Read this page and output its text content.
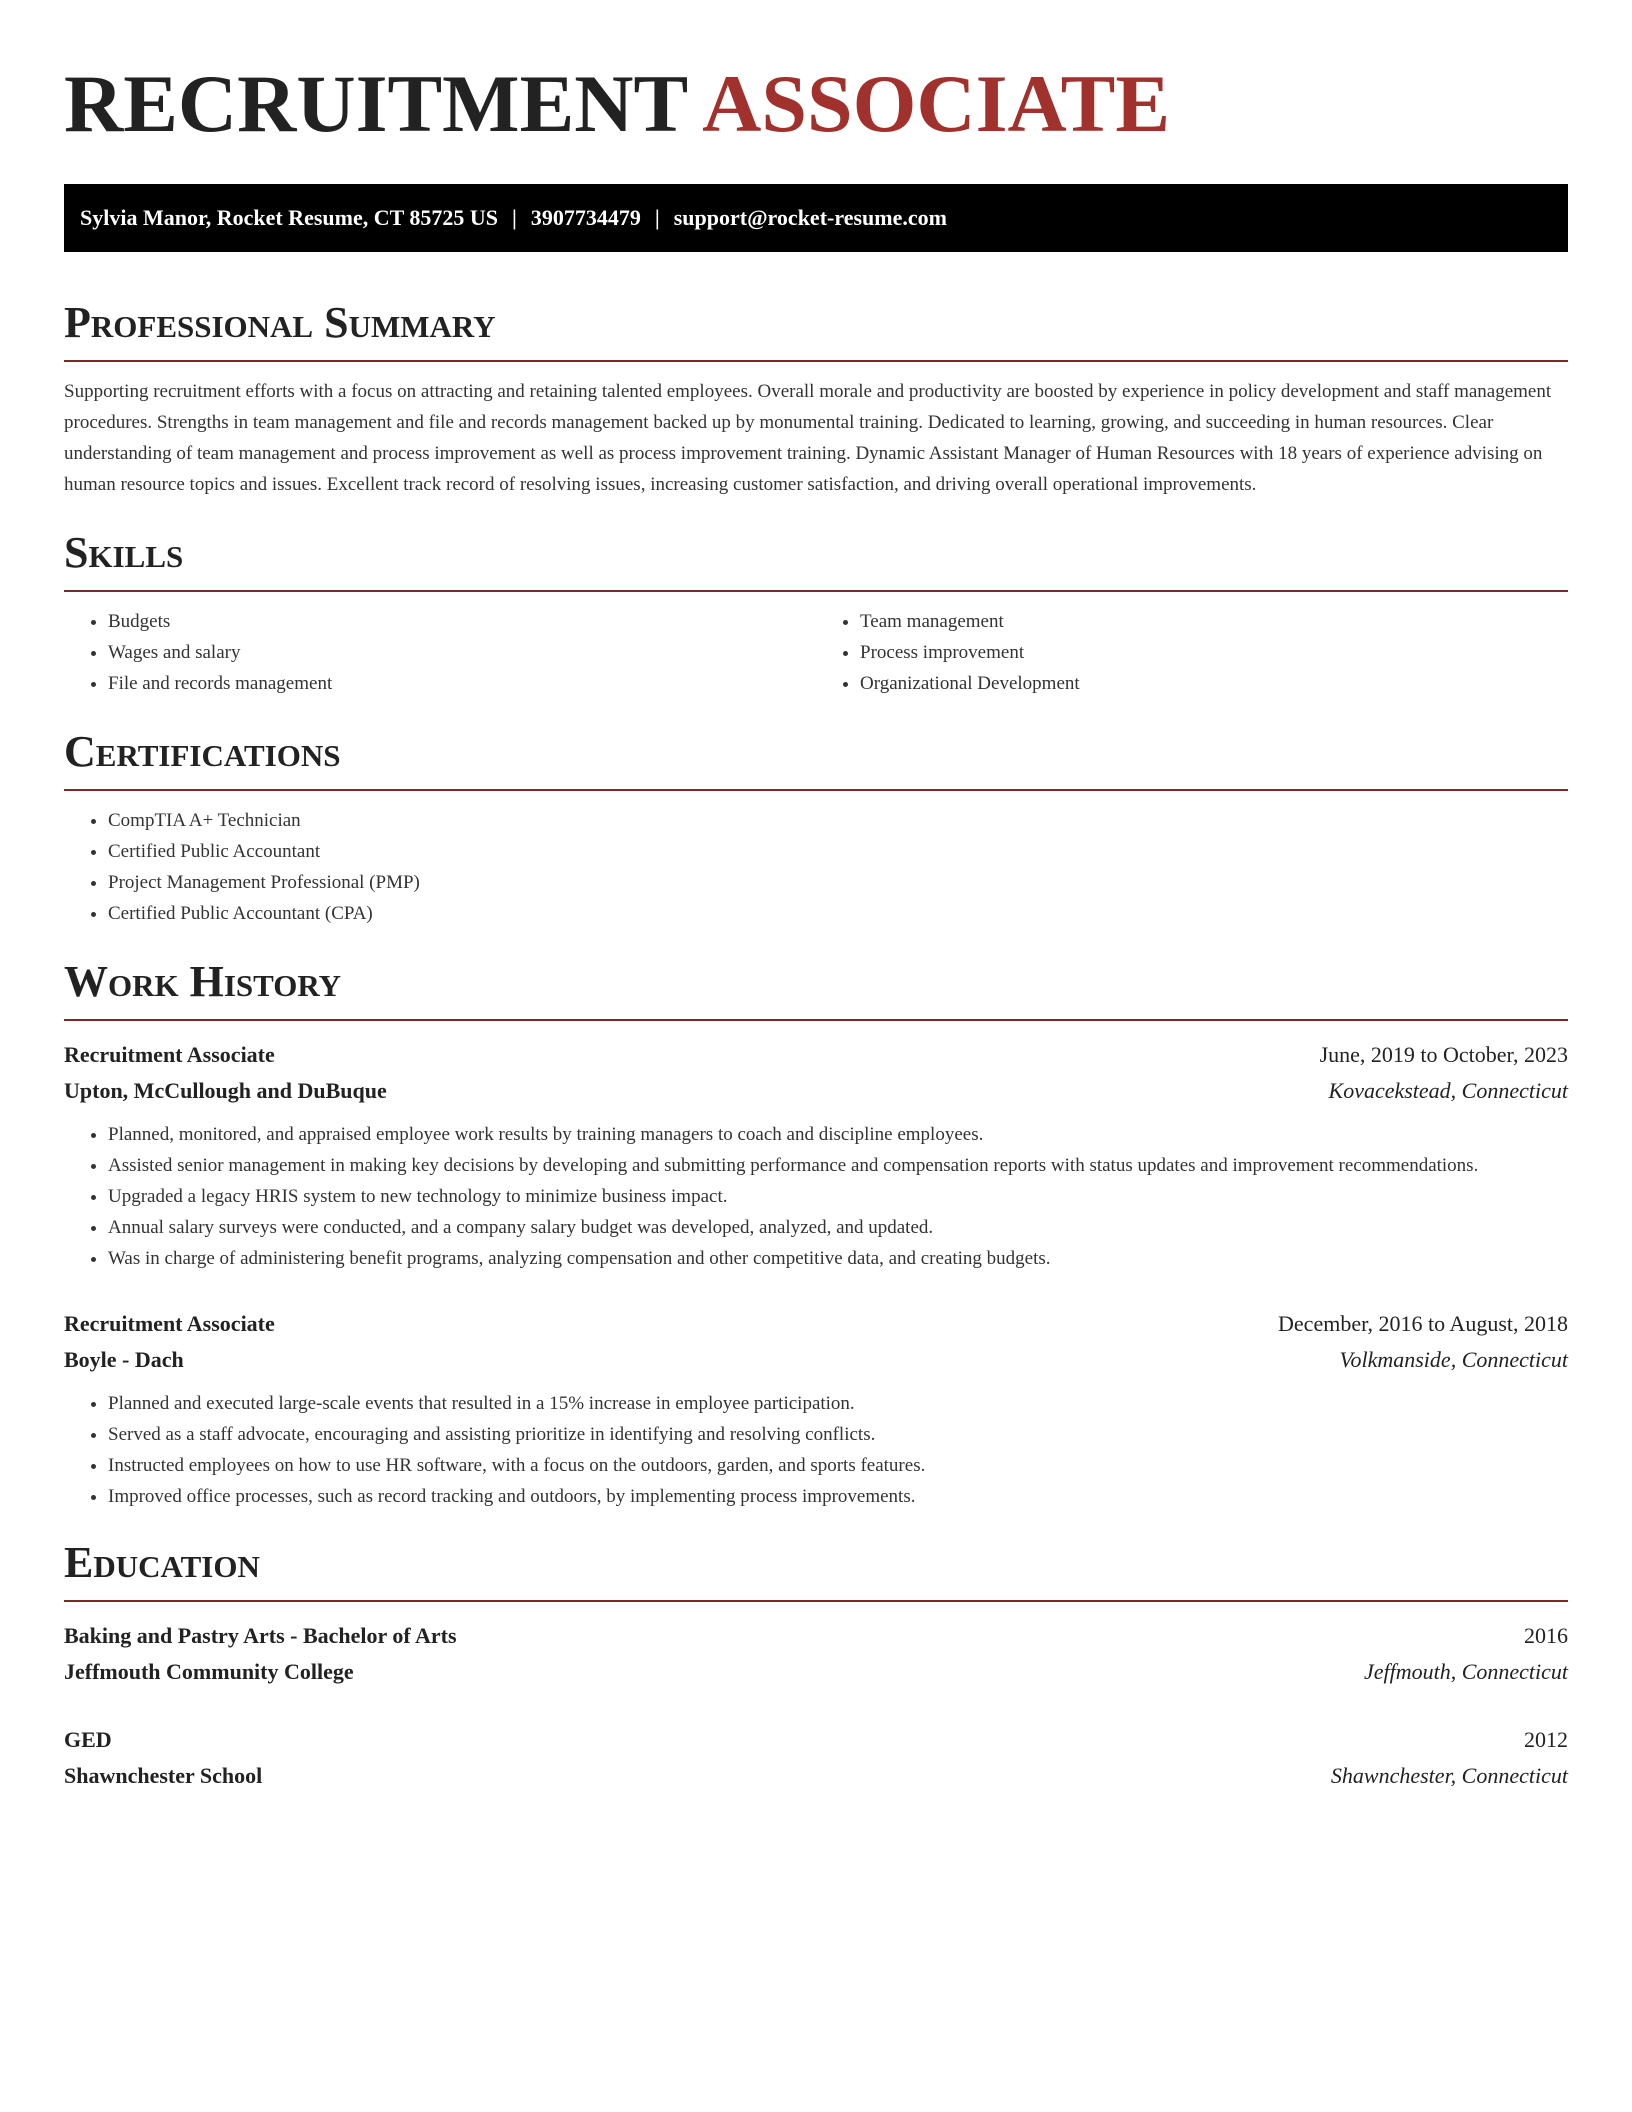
RECRUITMENT ASSOCIATE
Sylvia Manor, Rocket Resume, CT 85725 US | 3907734479 | support@rocket-resume.com
Professional Summary

Supporting recruitment efforts with a focus on attracting and retaining talented employees. Overall morale and productivity are boosted by experience in policy development and staff management procedures. Strengths in team management and file and records management backed up by monumental training. Dedicated to learning, growing, and succeeding in human resources. Clear understanding of team management and process improvement as well as process improvement training. Dynamic Assistant Manager of Human Resources with 18 years of experience advising on human resource topics and issues. Excellent track record of resolving issues, increasing customer satisfaction, and driving overall operational improvements.

Skills
• Budgets
• Wages and salary
• File and records management
• Team management
• Process improvement
• Organizational Development
Certifications
• CompTIA A+ Technician
• Certified Public Accountant
• Project Management Professional (PMP)
• Certified Public Accountant (CPA)
Work History
Recruitment Associate	June, 2019 to October, 2023
Upton, McCullough and DuBuque	Kovacekstead, Connecticut
• Planned, monitored, and appraised employee work results by training managers to coach and discipline employees.
• Assisted senior management in making key decisions by developing and submitting performance and compensation reports with status updates and improvement recommendations.
• Upgraded a legacy HRIS system to new technology to minimize business impact.
• Annual salary surveys were conducted, and a company salary budget was developed, analyzed, and updated.
• Was in charge of administering benefit programs, analyzing compensation and other competitive data, and creating budgets.
Recruitment Associate	December, 2016 to August, 2018
Boyle - Dach	Volkmanside, Connecticut
• Planned and executed large-scale events that resulted in a 15% increase in employee participation.
• Served as a staff advocate, encouraging and assisting prioritize in identifying and resolving conflicts.
• Instructed employees on how to use HR software, with a focus on the outdoors, garden, and sports features.
• Improved office processes, such as record tracking and outdoors, by implementing process improvements.
Education
Baking and Pastry Arts - Bachelor of Arts	2016
Jeffmouth Community College	Jeffmouth, Connecticut
GED	2012
Shawnchester School	Shawnchester, Connecticut
